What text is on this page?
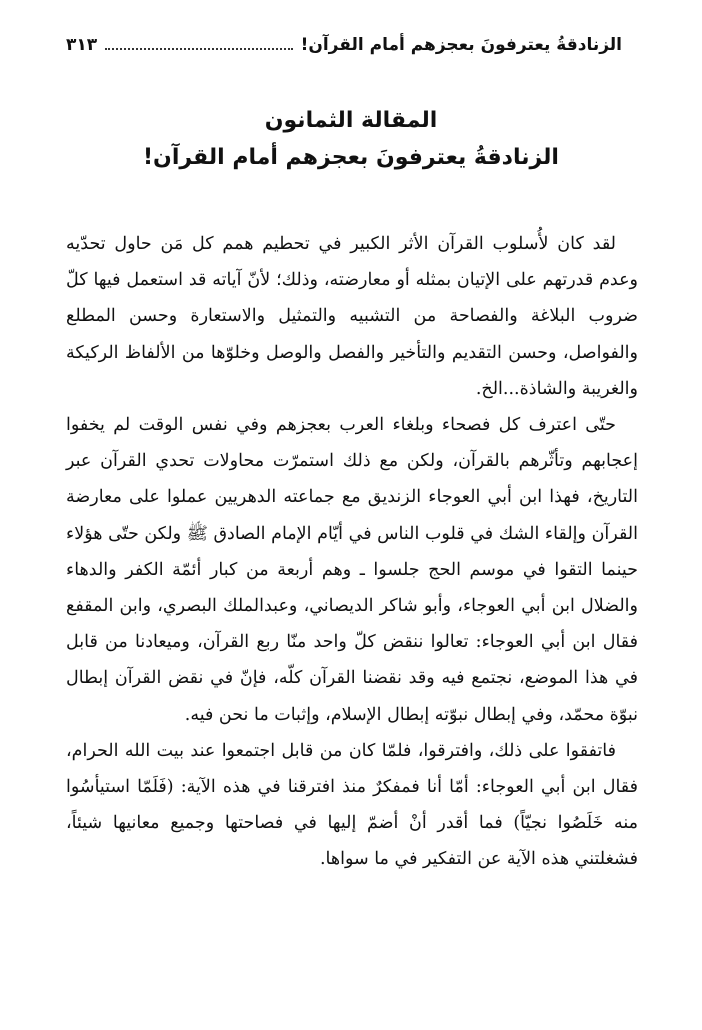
الزنادقةُ يعترفونَ بعجزهم أمام القرآن!
٣١٣
المقالة الثمانون
الزنادقةُ يعترفونَ بعجزهم أمام القرآن!

لقد كان لأُسلوب القرآن الأثر الكبير في تحطيم همم كل مَن حاول تحدّيه وعدم قدرتهم على الإتيان بمثله أو معارضته، وذلك؛ لأنّ آياته قد استعمل فيها كلّ ضروب البلاغة والفصاحة من التشبيه والتمثيل والاستعارة وحسن المطلع والفواصل، وحسن التقديم والتأخير والفصل والوصل وخلوّها من الألفاظ الركيكة والغريبة والشاذة...الخ.

حتّى اعترف كل فصحاء وبلغاء العرب بعجزهم وفي نفس الوقت لم يخفوا إعجابهم وتأثّرهم بالقرآن، ولكن مع ذلك استمرّت محاولات تحدي القرآن عبر التاريخ، فهذا ابن أبي العوجاء الزنديق مع جماعته الدهريين عملوا على معارضة القرآن وإلقاء الشك في قلوب الناس في أيّام الإمام الصادق ﷺ ولكن حتّى هؤلاء حينما التقوا في موسم الحج جلسوا ـ وهم أربعة من كبار أئمّة الكفر والدهاء والضلال ابن أبي العوجاء، وأبو شاكر الديصاني، وعبدالملك البصري، وابن المقفع فقال ابن أبي العوجاء: تعالوا ننقض كلّ واحد منّا ربع القرآن، وميعادنا من قابل في هذا الموضع، نجتمع فيه وقد نقضنا القرآن كلّه، فإنّ في نقض القرآن إبطال نبوّة محمّد، وفي إبطال نبوّته إبطال الإسلام، وإثبات ما نحن فيه.

فاتفقوا على ذلك، وافترقوا، فلمّا كان من قابل اجتمعوا عند بيت الله الحرام، فقال ابن أبي العوجاء: أمّا أنا فمفكرٌ منذ افترقنا في هذه الآية: (فَلَمّا استيأسُوا منه خَلَصُوا نجيّاً) فما أقدر أنْ أضمّ إليها في فصاحتها وجميع معانيها شيئاً، فشغلتني هذه الآية عن التفكير في ما سواها.
